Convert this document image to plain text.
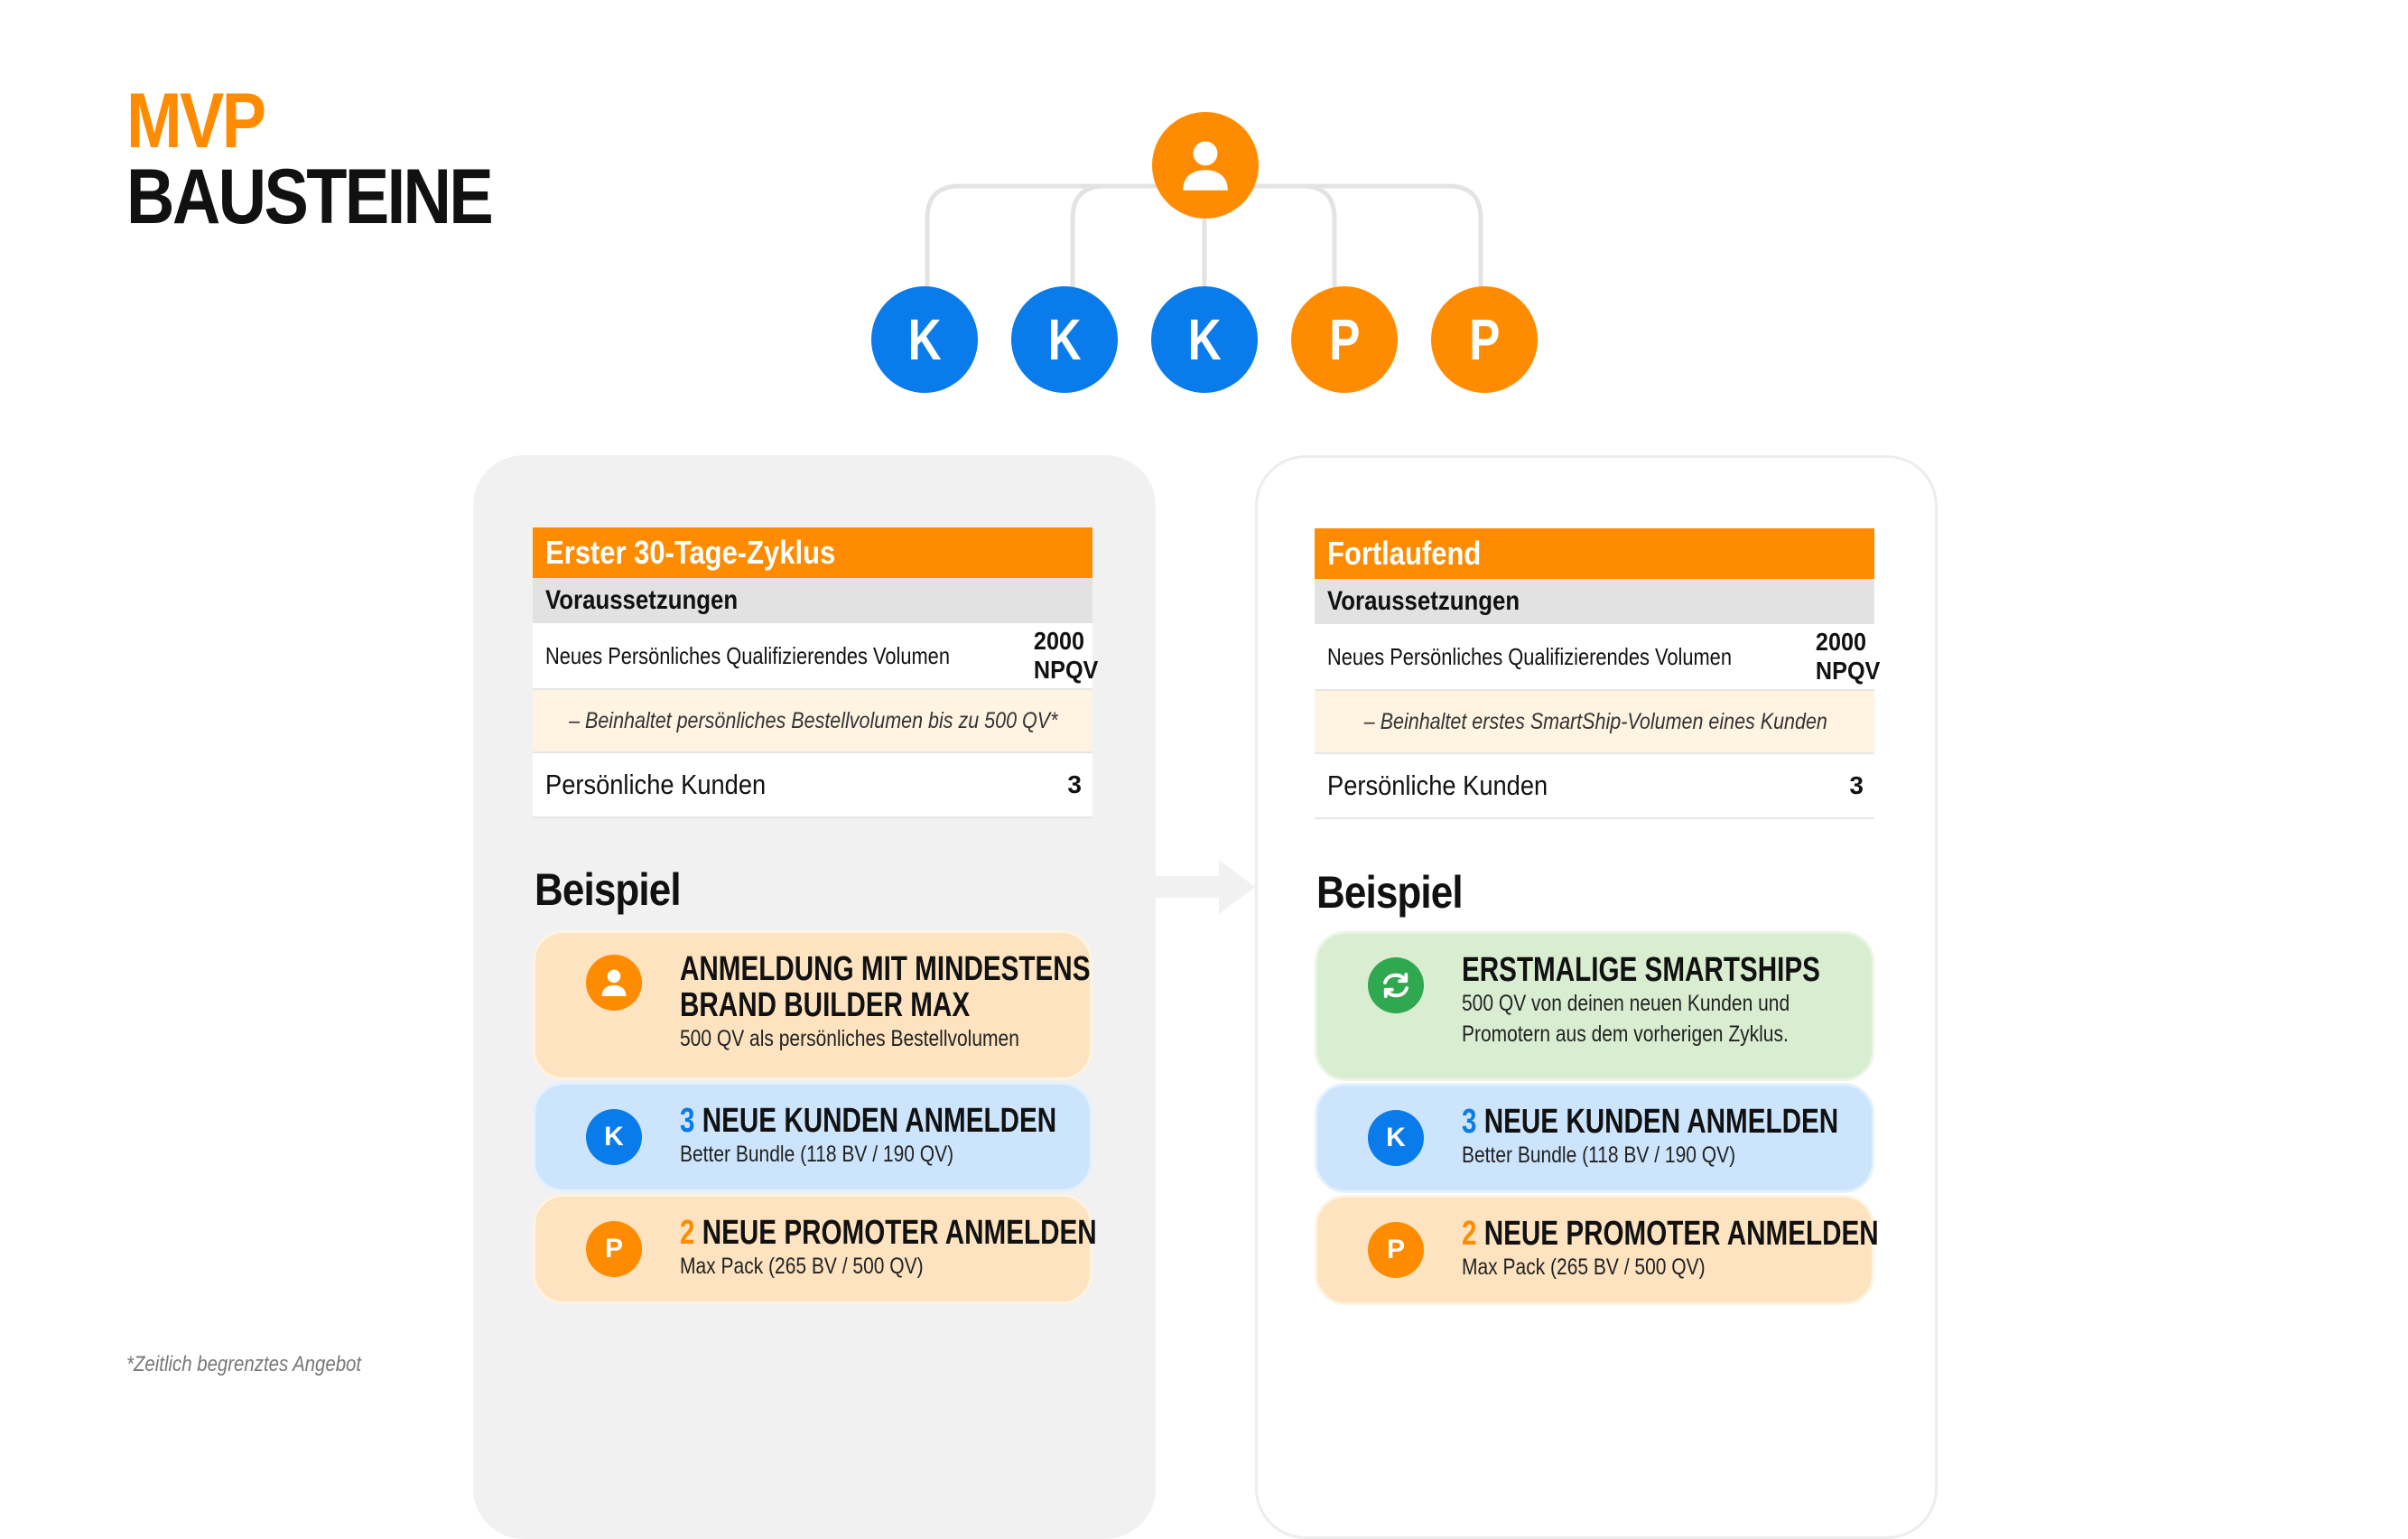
MVP
BAUSTEINE
K K K P P
Erster 30-Tage-Zyklus
Voraussetzungen
Neues Persönliches Qualifizierendes Volumen
2000 NPQV
– Beinhaltet persönliches Bestellvolumen bis zu 500 QV*
Persönliche Kunden	3
Beispiel
ANMELDUNG MIT MINDESTENS
BRAND BUILDER MAX
500 QV als persönliches Bestellvolumen
K 3 NEUE KUNDEN ANMELDEN
Better Bundle (118 BV / 190 QV)
P 2 NEUE PROMOTER ANMELDEN
Max Pack (265 BV / 500 QV)
Fortlaufend
Voraussetzungen
Neues Persönliches Qualifizierendes Volumen
2000 NPQV
– Beinhaltet erstes SmartShip-Volumen eines Kunden
Persönliche Kunden	3
Beispiel
ERSTMALIGE SMARTSHIPS
500 QV von deinen neuen Kunden und
Promotern aus dem vorherigen Zyklus.
K 3 NEUE KUNDEN ANMELDEN
Better Bundle (118 BV / 190 QV)
P 2 NEUE PROMOTER ANMELDEN
Max Pack (265 BV / 500 QV)
*Zeitlich begrenztes Angebot
